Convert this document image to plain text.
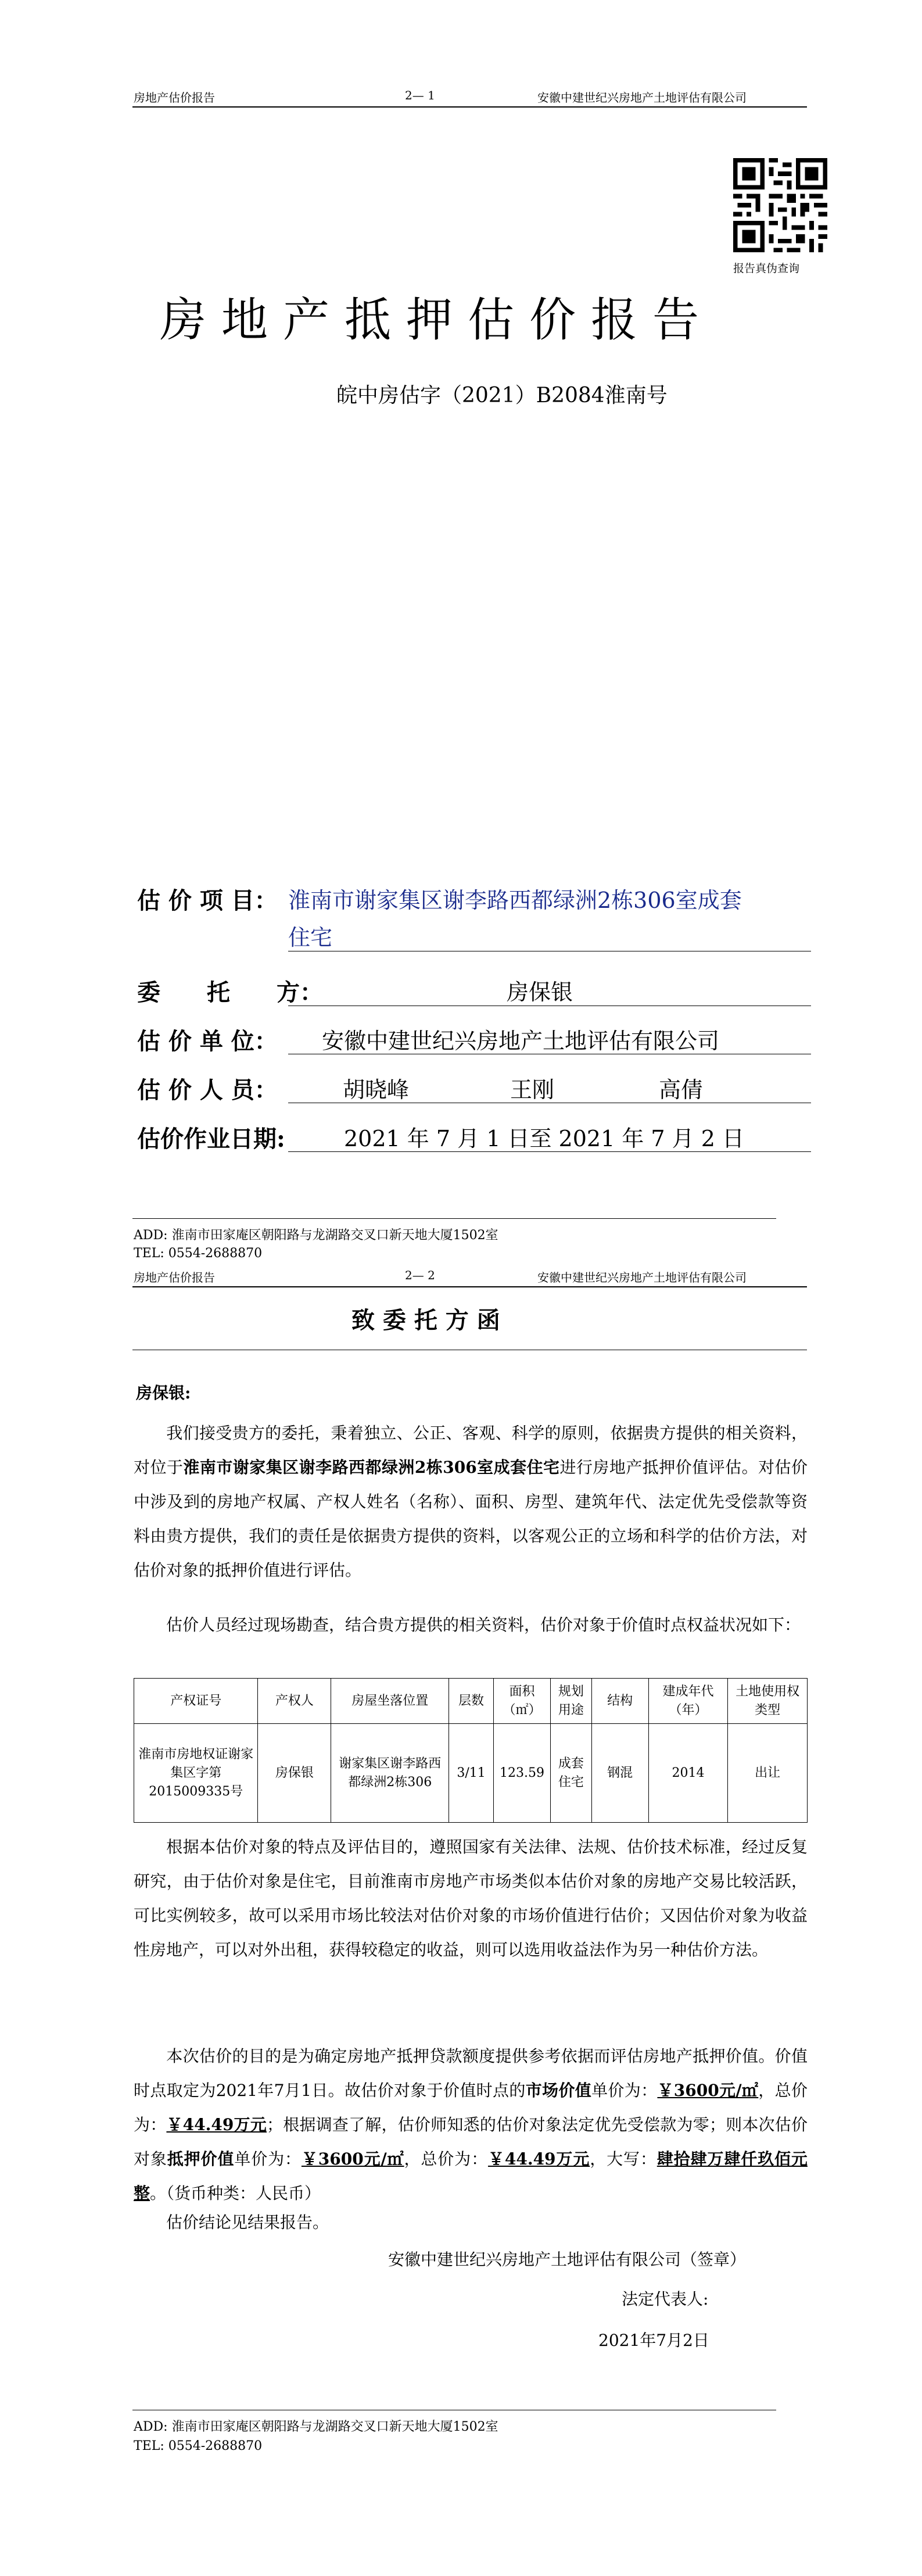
房地产估价报告	2— 1	安徽中建世纪兴房地产土地评估有限公司
报告真伪查询
房地产抵押估价报告
皖中房估字（2021）B2084淮南号
估 价 项 目： 淮南市谢家集区谢李路西都绿洲2栋306室成套
住宅
委　　托　　方：	房保银
估 价 单 位： 安徽中建世纪兴房地产土地评估有限公司
估 价 人 员：	胡晓峰	王刚	高倩
估价作业日期:	2021 年 7 月 1 日至 2021 年 7 月 2 日
ADD: 淮南市田家庵区朝阳路与龙湖路交叉口新天地大厦1502室
TEL: 0554-2688870
房地产估价报告	2— 2	安徽中建世纪兴房地产土地评估有限公司
致 委 托 方 函
房保银:
我们接受贵方的委托，秉着独立、公正、客观、科学的原则，依据贵方提供的相关资料，对位于淮南市谢家集区谢李路西都绿洲2栋306室成套住宅进行房地产抵押价值评估。对估价中涉及到的房地产权属、产权人姓名（名称）、面积、房型、建筑年代、法定优先受偿款等资料由贵方提供，我们的责任是依据贵方提供的资料，以客观公正的立场和科学的估价方法，对估价对象的抵押价值进行评估。
估价人员经过现场勘查，结合贵方提供的相关资料，估价对象于价值时点权益状况如下：
产权证号	产权人	房屋坐落位置	层数	面积（㎡）	规划用途	结构	建成年代（年）	土地使用权类型
淮南市房地权证谢家集区字第2015009335号	房保银	谢家集区谢李路西都绿洲2栋306	3/11	123.59	成套住宅	钢混	2014	出让
根据本估价对象的特点及评估目的，遵照国家有关法律、法规、估价技术标准，经过反复研究，由于估价对象是住宅，目前淮南市房地产市场类似本估价对象的房地产交易比较活跃，可比实例较多，故可以采用市场比较法对估价对象的市场价值进行估价；又因估价对象为收益性房地产，可以对外出租，获得较稳定的收益，则可以选用收益法作为另一种估价方法。
本次估价的目的是为确定房地产抵押贷款额度提供参考依据而评估房地产抵押价值。价值时点取定为2021年7月1日。故估价对象于价值时点的市场价值单价为：￥3600元/㎡，总价为：￥44.49万元；根据调查了解，估价师知悉的估价对象法定优先受偿款为零；则本次估价对象抵押价值单价为：￥3600元/㎡，总价为：￥44.49万元，大写：肆拾肆万肆仟玖佰元整。（货币种类：人民币）
估价结论见结果报告。
安徽中建世纪兴房地产土地评估有限公司（签章）
法定代表人:
2021年7月2日
ADD: 淮南市田家庵区朝阳路与龙湖路交叉口新天地大厦1502室
TEL: 0554-2688870
